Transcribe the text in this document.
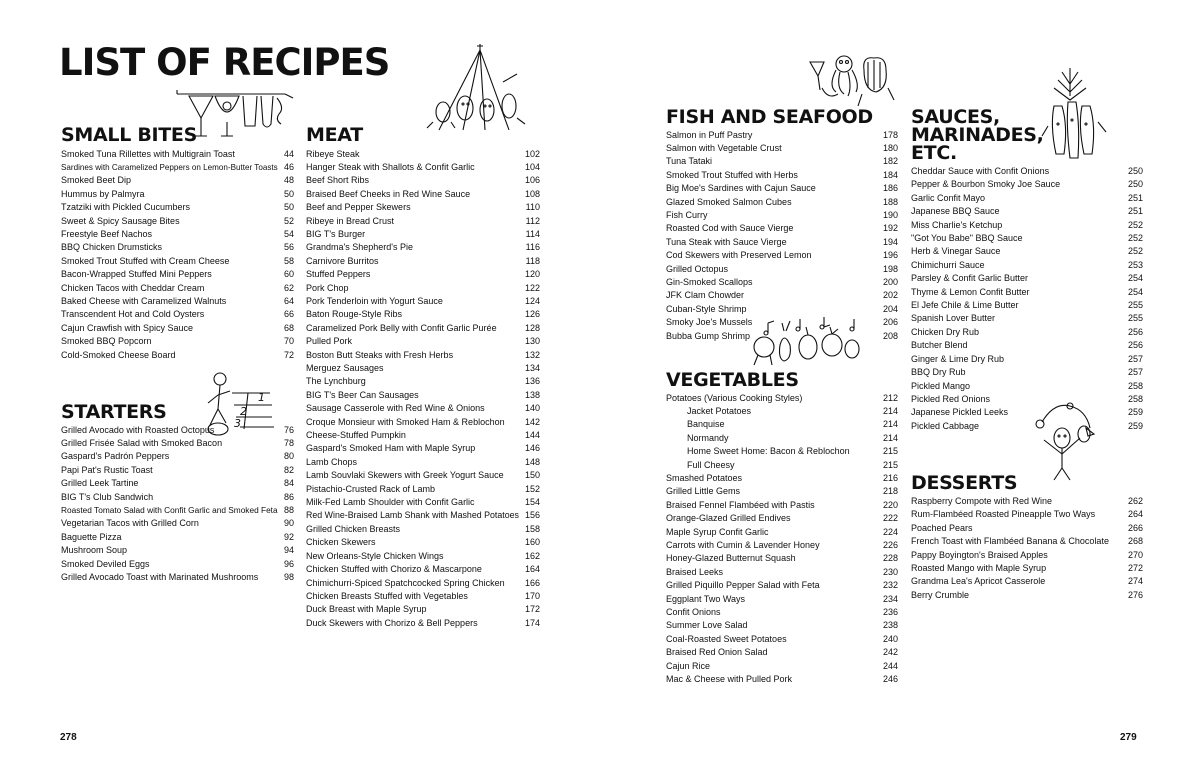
LIST OF RECIPES
SMALL BITES
Smoked Tuna Rillettes with Multigrain Toast	44
Sardines with Caramelized Peppers on Lemon-Butter Toasts 46
Smoked Beet Dip	48
Hummus by Palmyra	50
Tzatziki with Pickled Cucumbers	50
Sweet & Spicy Sausage Bites	52
Freestyle Beef Nachos	54
BBQ Chicken Drumsticks	56
Smoked Trout Stuffed with Cream Cheese	58
Bacon-Wrapped Stuffed Mini Peppers	60
Chicken Tacos with Cheddar Cream	62
Baked Cheese with Caramelized Walnuts	64
Transcendent Hot and Cold Oysters	66
Cajun Crawfish with Spicy Sauce	68
Smoked BBQ Popcorn	70
Cold-Smoked Cheese Board	72
STARTERS
Grilled Avocado with Roasted Octopus	76
Grilled Frisée Salad with Smoked Bacon	78
Gaspard's Padrón Peppers	80
Papi Pat's Rustic Toast	82
Grilled Leek Tartine	84
BIG T's Club Sandwich	86
Roasted Tomato Salad with Confit Garlic and Smoked Feta 88
Vegetarian Tacos with Grilled Corn	90
Baguette Pizza	92
Mushroom Soup	94
Smoked Deviled Eggs	96
Grilled Avocado Toast with Marinated Mushrooms	98
MEAT
Ribeye Steak	102
Hanger Steak with Shallots & Confit Garlic	104
Beef Short Ribs	106
Braised Beef Cheeks in Red Wine Sauce	108
Beef and Pepper Skewers	110
Ribeye in Bread Crust	112
BIG T's Burger	114
Grandma's Shepherd's Pie	116
Carnivore Burritos	118
Stuffed Peppers	120
Pork Chop	122
Pork Tenderloin with Yogurt Sauce	124
Baton Rouge-Style Ribs	126
Caramelized Pork Belly with Confit Garlic Purée	128
Pulled Pork	130
Boston Butt Steaks with Fresh Herbs	132
Merguez Sausages	134
The Lynchburg	136
BIG T's Beer Can Sausages	138
Sausage Casserole with Red Wine & Onions	140
Croque Monsieur with Smoked Ham & Reblochon 142
Cheese-Stuffed Pumpkin	144
Gaspard's Smoked Ham with Maple Syrup	146
Lamb Chops	148
Lamb Souvlaki Skewers with Greek Yogurt Sauce 150
Pistachio-Crusted Rack of Lamb	152
Milk-Fed Lamb Shoulder with Confit Garlic	154
Red Wine-Braised Lamb Shank with Mashed Potatoes 156
Grilled Chicken Breasts	158
Chicken Skewers	160
New Orleans-Style Chicken Wings	162
Chicken Stuffed with Chorizo & Mascarpone	164
Chimichurri-Spiced Spatchcocked Spring Chicken 166
Chicken Breasts Stuffed with Vegetables	170
Duck Breast with Maple Syrup	172
Duck Skewers with Chorizo & Bell Peppers	174
FISH AND SEAFOOD
Salmon in Puff Pastry	178
Salmon with Vegetable Crust	180
Tuna Tataki	182
Smoked Trout Stuffed with Herbs	184
Big Moe's Sardines with Cajun Sauce	186
Glazed Smoked Salmon Cubes	188
Fish Curry	190
Roasted Cod with Sauce Vierge	192
Tuna Steak with Sauce Vierge	194
Cod Skewers with Preserved Lemon	196
Grilled Octopus	198
Gin-Smoked Scallops	200
JFK Clam Chowder	202
Cuban-Style Shrimp	204
Smoky Joe's Mussels	206
Bubba Gump Shrimp	208
VEGETABLES
Potatoes (Various Cooking Styles)	212
Jacket Potatoes	214
Banquise	214
Normandy	214
Home Sweet Home: Bacon & Reblochon	215
Full Cheesy	215
Smashed Potatoes	216
Grilled Little Gems	218
Braised Fennel Flambéed with Pastis	220
Orange-Glazed Grilled Endives	222
Maple Syrup Confit Garlic	224
Carrots with Cumin & Lavender Honey	226
Honey-Glazed Butternut Squash	228
Braised Leeks	230
Grilled Piquillo Pepper Salad with Feta	232
Eggplant Two Ways	234
Confit Onions	236
Summer Love Salad	238
Coal-Roasted Sweet Potatoes	240
Braised Red Onion Salad	242
Cajun Rice	244
Mac & Cheese with Pulled Pork	246
SAUCES,
MARINADES,
ETC.
Cheddar Sauce with Confit Onions	250
Pepper & Bourbon Smoky Joe Sauce	250
Garlic Confit Mayo	251
Japanese BBQ Sauce	251
Miss Charlie's Ketchup	252
"Got You Babe" BBQ Sauce	252
Herb & Vinegar Sauce	252
Chimichurri Sauce	253
Parsley & Confit Garlic Butter	254
Thyme & Lemon Confit Butter	254
El Jefe Chile & Lime Butter	255
Spanish Lover Butter	255
Chicken Dry Rub	256
Butcher Blend	256
Ginger & Lime Dry Rub	257
BBQ Dry Rub	257
Pickled Mango	258
Pickled Red Onions	258
Japanese Pickled Leeks	259
Pickled Cabbage	259
DESSERTS
Raspberry Compote with Red Wine	262
Rum-Flambéed Roasted Pineapple Two Ways	264
Poached Pears	266
French Toast with Flambéed Banana & Chocolate 268
Pappy Boyington's Braised Apples	270
Roasted Mango with Maple Syrup	272
Grandma Lea's Apricot Casserole	274
Berry Crumble	276
278	279
1
2
3
